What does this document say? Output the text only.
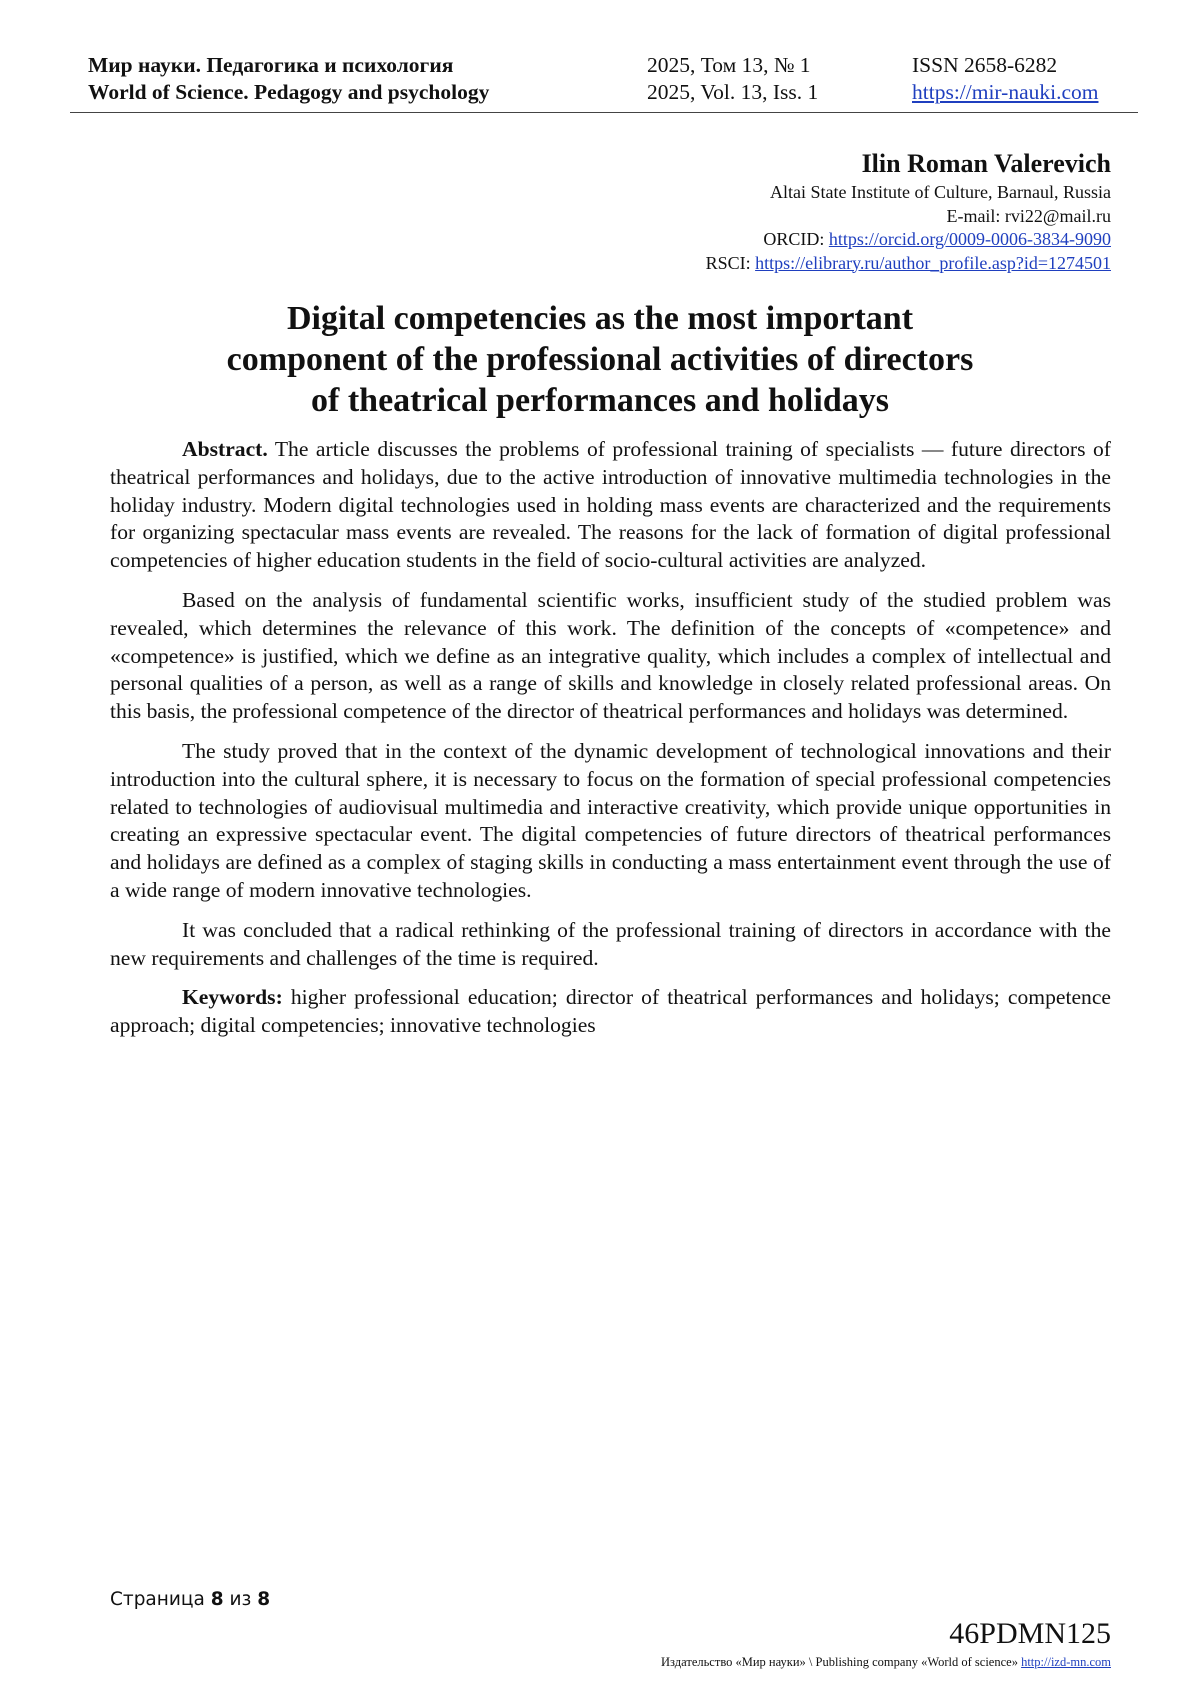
Мир науки. Педагогика и психология
World of Science. Pedagogy and psychology
2025, Том 13, № 1
2025, Vol. 13, Iss. 1
ISSN 2658-6282
https://mir-nauki.com
Ilin Roman Valerevich
Altai State Institute of Culture, Barnaul, Russia
E-mail: rvi22@mail.ru
ORCID: https://orcid.org/0009-0006-3834-9090
RSCI: https://elibrary.ru/author_profile.asp?id=1274501
Digital competencies as the most important
component of the professional activities of directors
of theatrical performances and holidays

Abstract. The article discusses the problems of professional training of specialists — future directors of theatrical performances and holidays, due to the active introduction of innovative multimedia technologies in the holiday industry. Modern digital technologies used in holding mass events are characterized and the requirements for organizing spectacular mass events are revealed. The reasons for the lack of formation of digital professional competencies of higher education students in the field of socio-cultural activities are analyzed.

Based on the analysis of fundamental scientific works, insufficient study of the studied problem was revealed, which determines the relevance of this work. The definition of the concepts of «competence» and «competence» is justified, which we define as an integrative quality, which includes a complex of intellectual and personal qualities of a person, as well as a range of skills and knowledge in closely related professional areas. On this basis, the professional competence of the director of theatrical performances and holidays was determined.

The study proved that in the context of the dynamic development of technological innovations and their introduction into the cultural sphere, it is necessary to focus on the formation of special professional competencies related to technologies of audiovisual multimedia and interactive creativity, which provide unique opportunities in creating an expressive spectacular event. The digital competencies of future directors of theatrical performances and holidays are defined as a complex of staging skills in conducting a mass entertainment event through the use of a wide range of modern innovative technologies.

It was concluded that a radical rethinking of the professional training of directors in accordance with the new requirements and challenges of the time is required.

Keywords: higher professional education; director of theatrical performances and holidays; competence approach; digital competencies; innovative technologies

Страница 8 из 8
46PDMN125
Издательство «Мир науки» \ Publishing company «World of science» http://izd-mn.com
